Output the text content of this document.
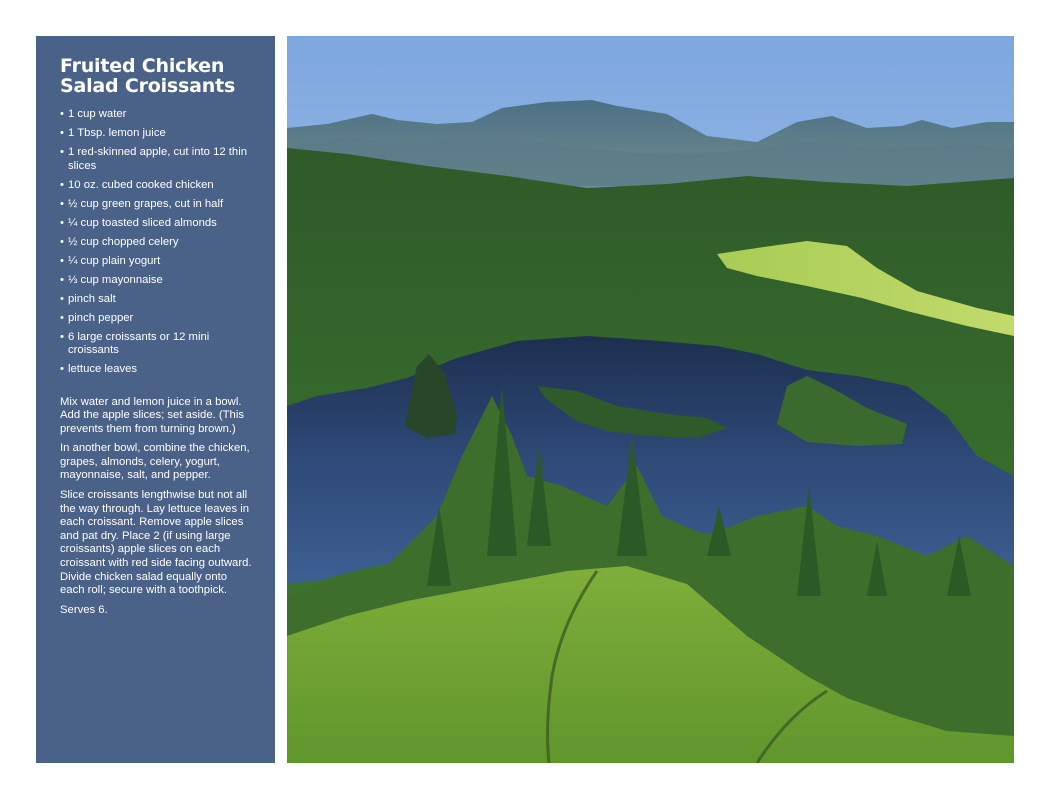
Fruited Chicken
Salad Croissants
• 1 cup water
• 1 Tbsp. lemon juice
• 1 red-skinned apple, cut into 12 thin slices
• 10 oz. cubed cooked chicken
• ½ cup green grapes, cut in half
• ¼ cup toasted sliced almonds
• ½ cup chopped celery
• ¼ cup plain yogurt
• ⅓ cup mayonnaise
• pinch salt
• pinch pepper
• 6 large croissants or 12 mini croissants
• lettuce leaves

Mix water and lemon juice in a bowl. Add the apple slices; set aside. (This prevents them from turning brown.)

In another bowl, combine the chicken, grapes, almonds, celery, yogurt, mayonnaise, salt, and pepper.

Slice croissants lengthwise but not all the way through. Lay lettuce leaves in each croissant. Remove apple slices and pat dry. Place 2 (if using large croissants) apple slices on each croissant with red side facing outward. Divide chicken salad equally onto each roll; secure with a toothpick.

Serves 6.
